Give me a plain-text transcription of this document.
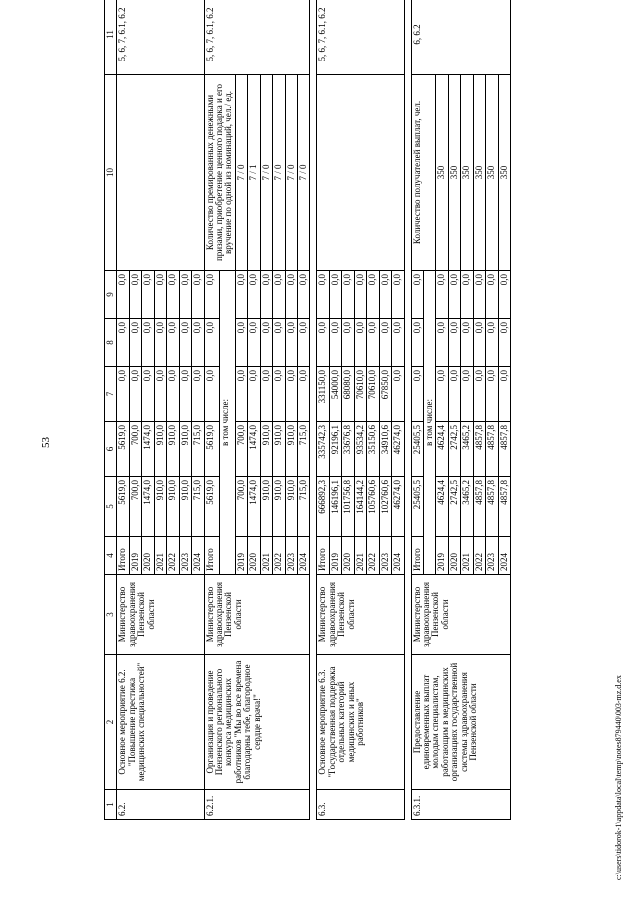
53
c:\users\tidorok-1\appdata\local\temp\notes879440\003-mz.d.ex
1	2	3	4	5	6	7	8	9	10	11
6.2.	Основное мероприятие 6.2. "Повышение престижа медицинских специальностей"	Министерство здравоохранения Пензенской области	Итого	5619,0	5619,0	0,0	0,0	0,0		5, 6, 7, 6.1, 6.2
			2019	700,0	700,0	0,0	0,0	0,0		
			2020	1474,0	1474,0	0,0	0,0	0,0		
			2021	910,0	910,0	0,0	0,0	0,0		
			2022	910,0	910,0	0,0	0,0	0,0		
			2023	910,0	910,0	0,0	0,0	0,0		
			2024	715,0	715,0	0,0	0,0	0,0		
6.2.1.	Организация и проведение Пензенского регионального конкурса медицинских работников "Мы во все времена благодарны тебе, благородное сердце врача!"	Министерство здравоохранения Пензенской области	Итого	5619,0	5619,0	0,0	0,0	0,0	Количество премированных денежными призами, приобретение ценного подарка и его вручение по одной из номинаций, чел./ ед.	5, 6, 7, 6.1, 6.2
			в том числе:							
			2019	700,0	700,0	0,0	0,0	0,0	7 / 0	
			2020	1474,0	1474,0	0,0	0,0	0,0	7 / 1	
			2021	910,0	910,0	0,0	0,0	0,0	7 / 0	
			2022	910,0	910,0	0,0	0,0	0,0	7 / 0	
			2023	910,0	910,0	0,0	0,0	0,0	7 / 0	
			2024	715,0	715,0	0,0	0,0	0,0	7 / 0	

6.3.	Основное мероприятие 6.3. "Государственная поддержка отдельных категорий медицинских и иных работников"	Министерство здравоохранения Пензенской области	Итого	666892,3	335742,3	331150,0	0,0	0,0		5, 6, 7, 6.1, 6.2
			2019	146196,1	92196,1	54000,0	0,0	0,0		
			2020	101756,8	33676,8	68080,0	0,0	0,0		
			2021	164144,2	93534,2	70610,0	0,0	0,0		
			2022	105760,6	35150,6	70610,0	0,0	0,0		
			2023	102760,6	34910,6	67850,0	0,0	0,0		
			2024	46274,0	46274,0	0,0	0,0	0,0		

6.3.1.	Предоставление единовременных выплат молодым специалистам, работающим в медицинских организациях государственной системы здравоохранения Пензенской области	Министерство здравоохранения Пензенской области	Итого	25405,5	25405,5	0,0	0,0	0,0	Количество получателей выплат, чел.	6, 6.2
			в том числе:							
			2019	4624,4	4624,4	0,0	0,0	0,0	350	
			2020	2742,5	2742,5	0,0	0,0	0,0	350	
			2021	3465,2	3465,2	0,0	0,0	0,0	350	
			2022	4857,8	4857,8	0,0	0,0	0,0	350	
			2023	4857,8	4857,8	0,0	0,0	0,0	350	
			2024	4857,8	4857,8	0,0	0,0	0,0	350	
